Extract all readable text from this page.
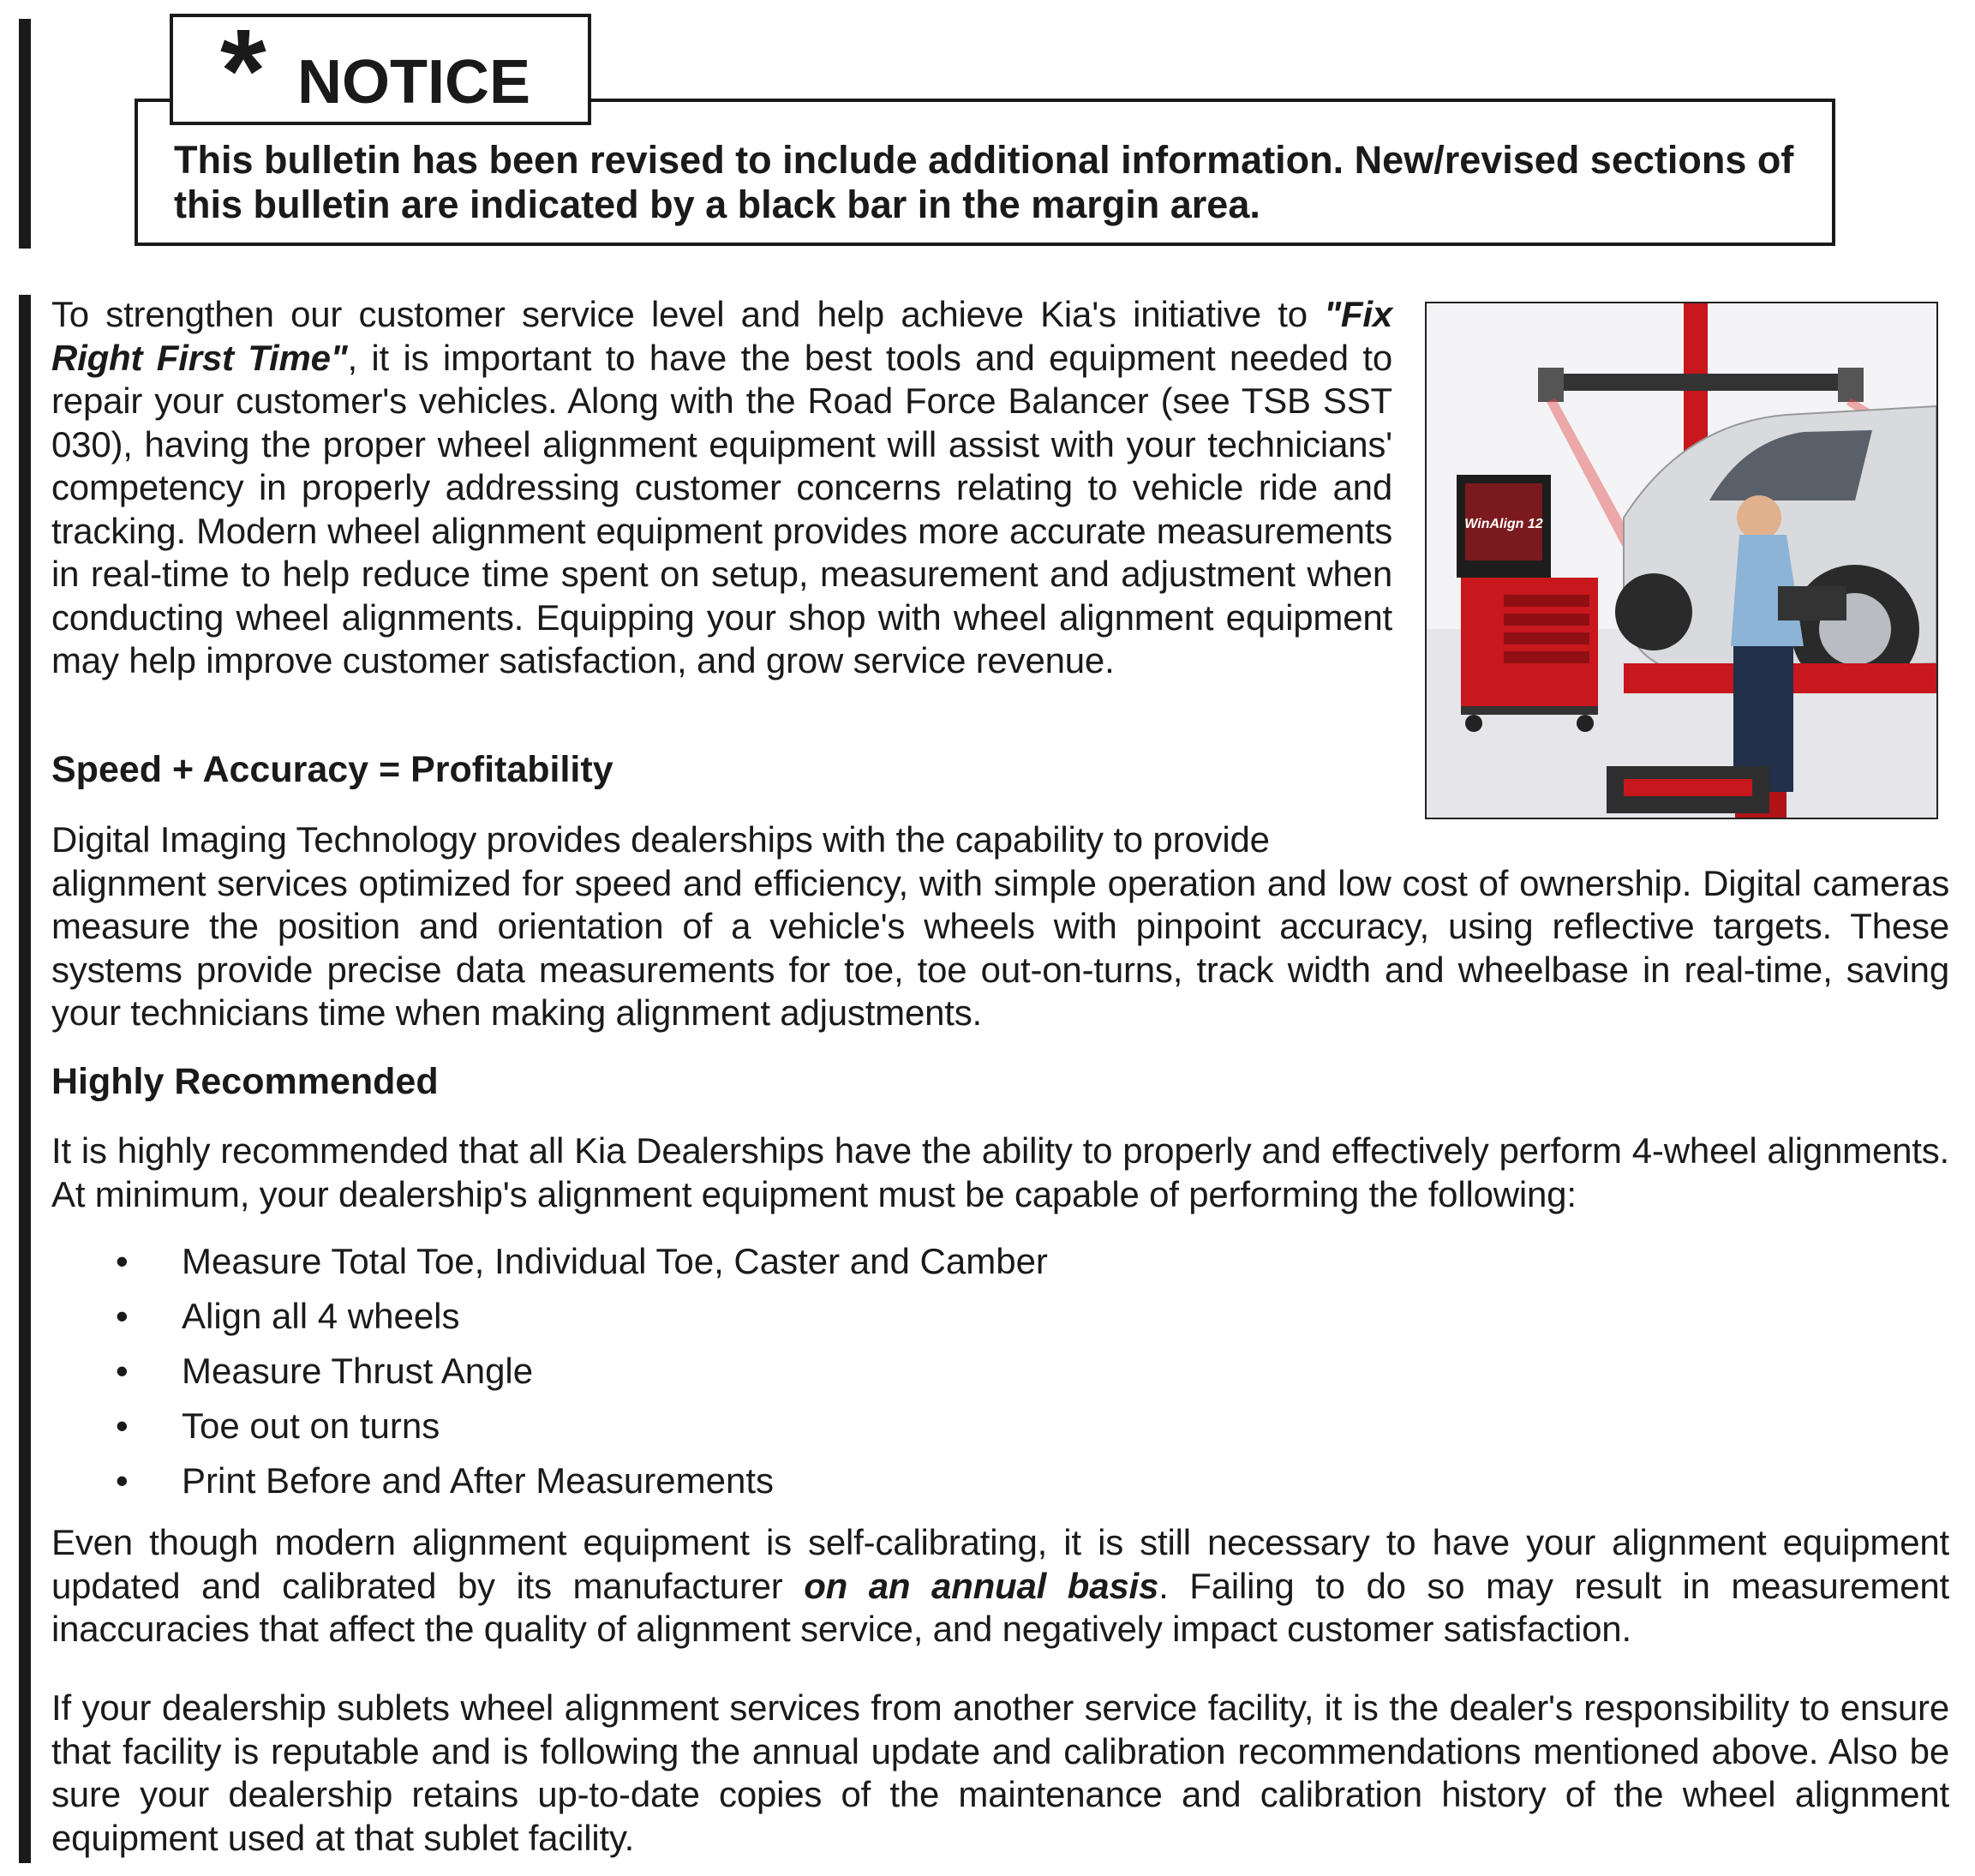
This bulletin has been revised to include additional information. New/revised sections of this bulletin are indicated by a black bar in the margin area.
* NOTICE
To strengthen our customer service level and help achieve Kia's initiative to "Fix Right First Time", it is important to have the best tools and equipment needed to repair your customer's vehicles. Along with the Road Force Balancer (see TSB SST 030), having the proper wheel alignment equipment will assist with your technicians' competency in properly addressing customer concerns relating to vehicle ride and tracking. Modern wheel alignment equipment provides more accurate measurements in real-time to help reduce time spent on setup, measurement and adjustment when conducting wheel alignments. Equipping your shop with wheel alignment equipment may help improve customer satisfaction, and grow service revenue.
WinAlign 12
Speed + Accuracy = Profitability
Digital Imaging Technology provides dealerships with the capability to provide
alignment services optimized for speed and efficiency, with simple operation and low cost of ownership. Digital cameras measure the position and orientation of a vehicle's wheels with pinpoint accuracy, using reflective targets. These systems provide precise data measurements for toe, toe out-on-turns, track width and wheelbase in real-time, saving your technicians time when making alignment adjustments.
Highly Recommended
It is highly recommended that all Kia Dealerships have the ability to properly and effectively perform 4-wheel alignments. At minimum, your dealership's alignment equipment must be capable of performing the following:
• Measure Total Toe, Individual Toe, Caster and Camber
• Align all 4 wheels
• Measure Thrust Angle
• Toe out on turns
• Print Before and After Measurements
Even though modern alignment equipment is self-calibrating, it is still necessary to have your alignment equipment updated and calibrated by its manufacturer on an annual basis. Failing to do so may result in measurement inaccuracies that affect the quality of alignment service, and negatively impact customer satisfaction.
If your dealership sublets wheel alignment services from another service facility, it is the dealer's responsibility to ensure that facility is reputable and is following the annual update and calibration recommendations mentioned above. Also be sure your dealership retains up-to-date copies of the maintenance and calibration history of the wheel alignment equipment used at that sublet facility.
